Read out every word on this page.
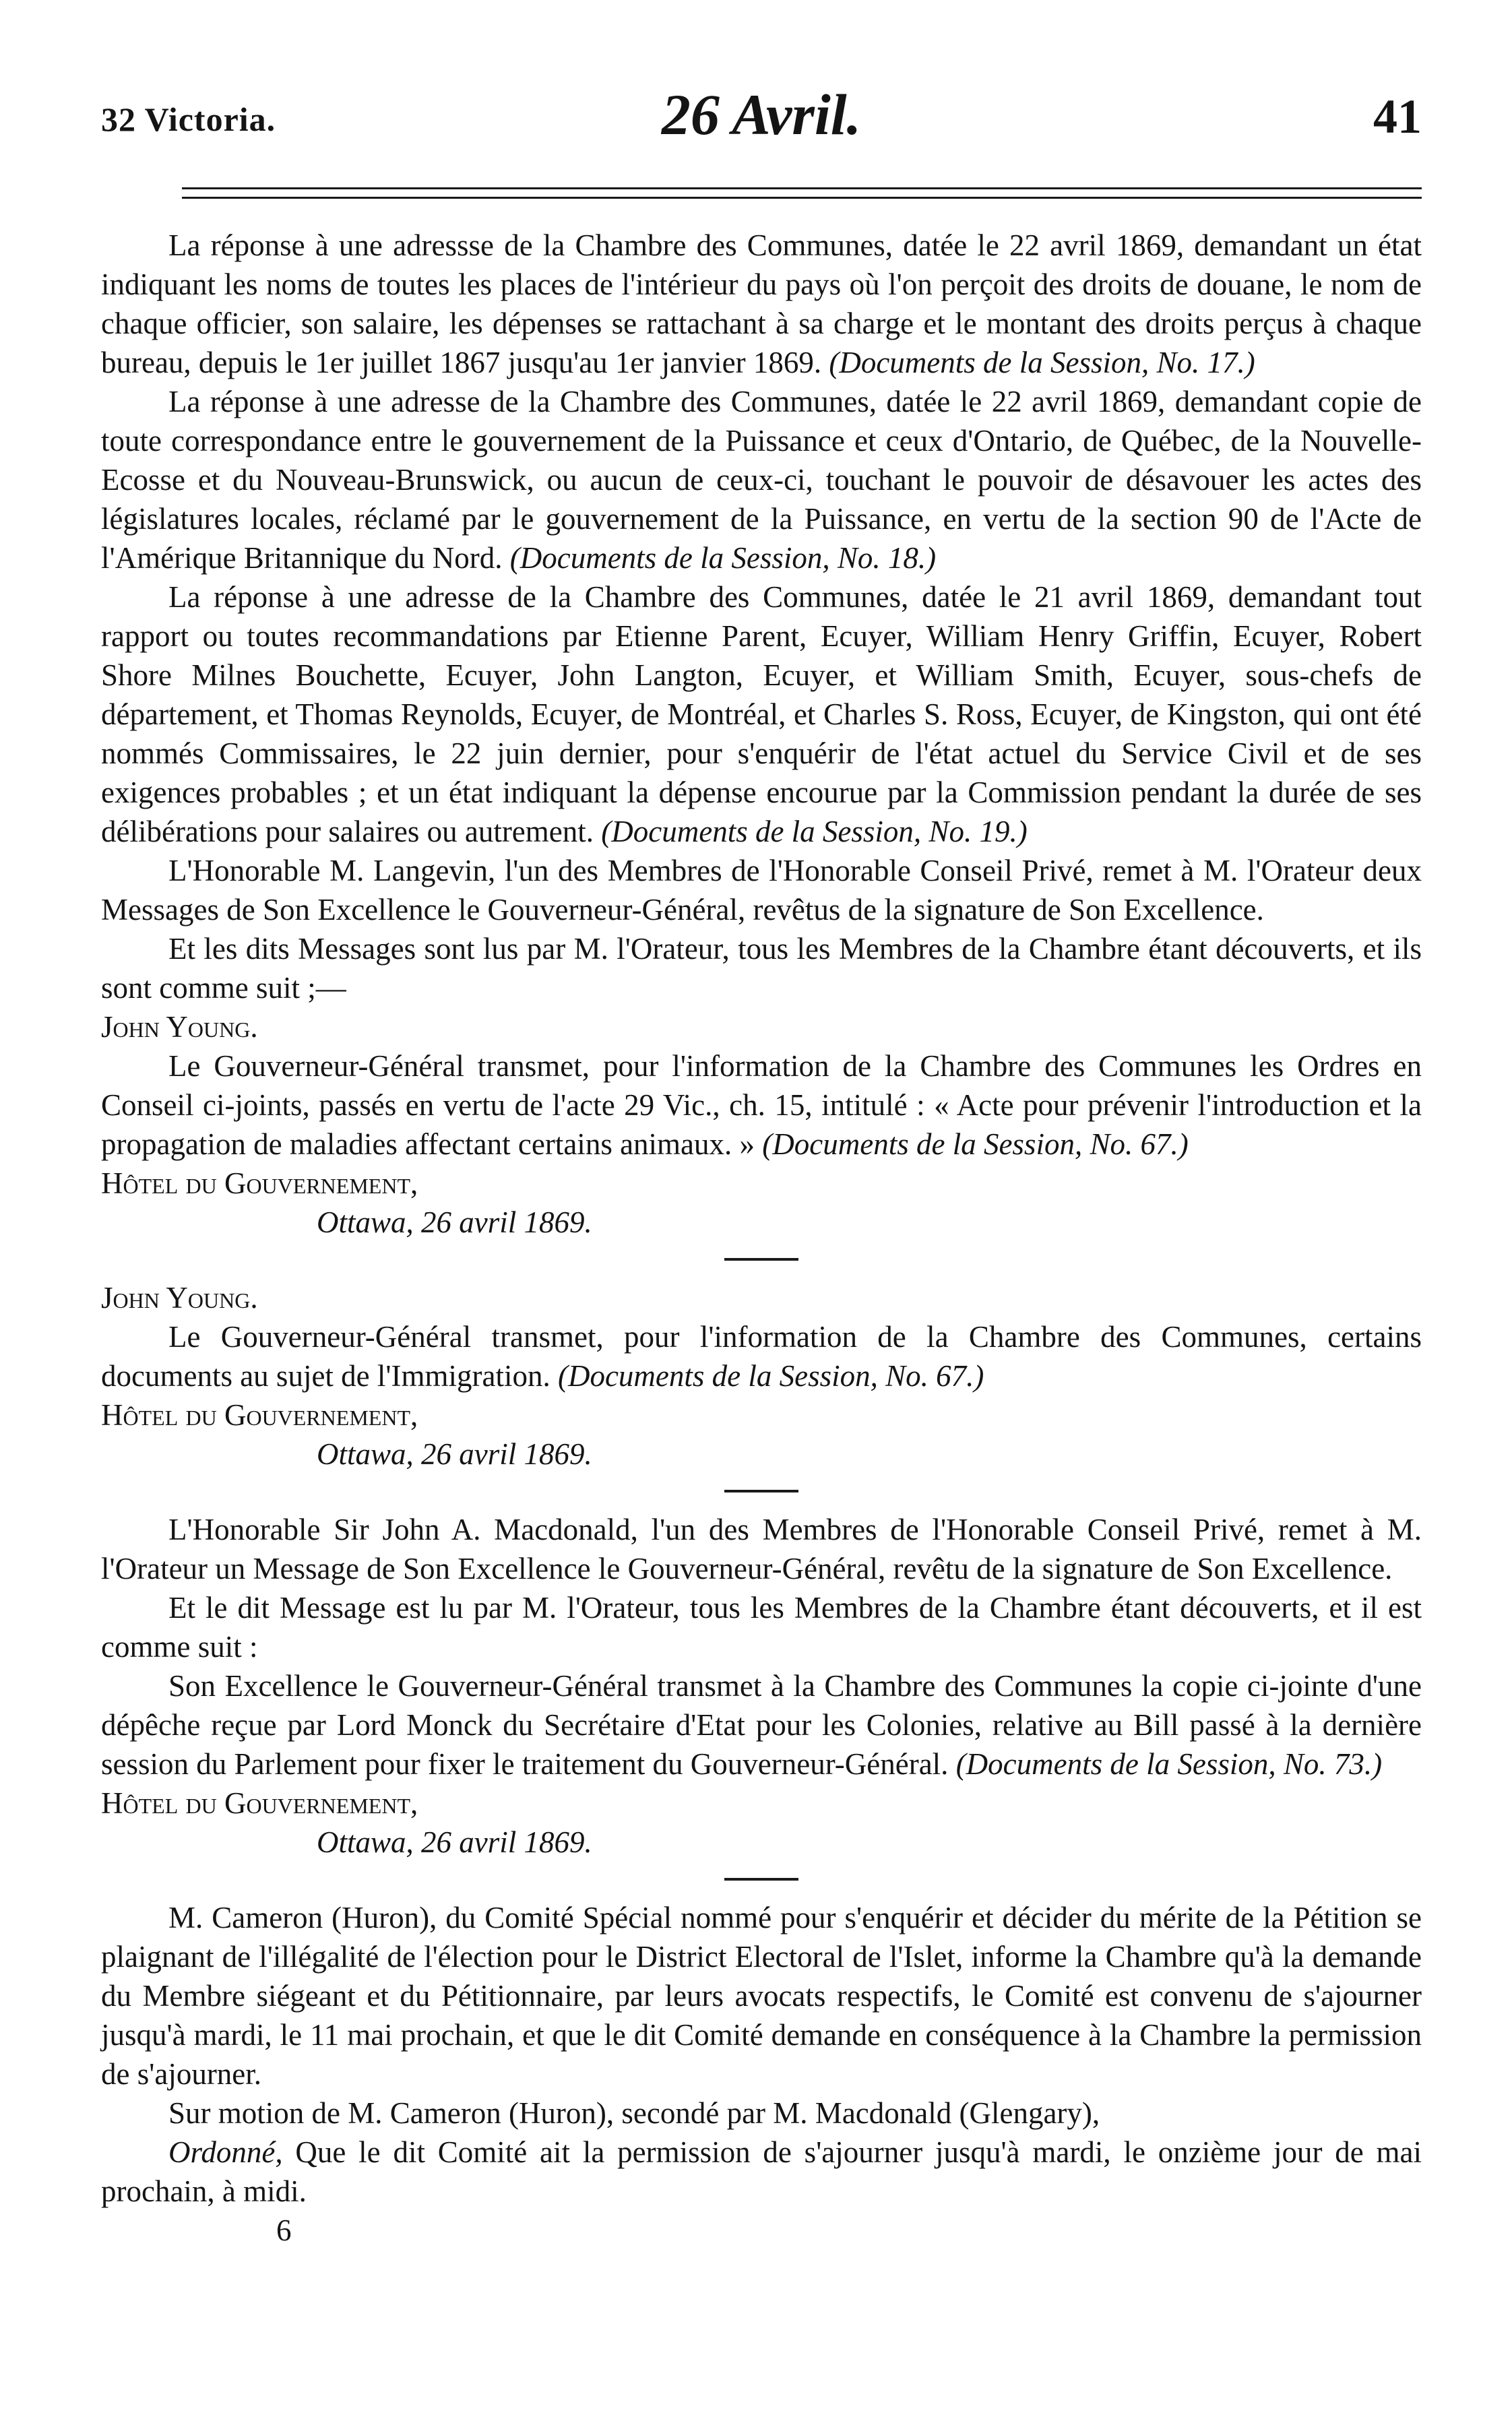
32 Victoria.	26 Avril.	41

La réponse à une adressse de la Chambre des Communes, datée le 22 avril 1869, demandant un état indiquant les noms de toutes les places de l'intérieur du pays où l'on perçoit des droits de douane, le nom de chaque officier, son salaire, les dépenses se rattachant à sa charge et le montant des droits perçus à chaque bureau, depuis le 1er juillet 1867 jusqu'au 1er janvier 1869. (Documents de la Session, No. 17.)

La réponse à une adresse de la Chambre des Communes, datée le 22 avril 1869, demandant copie de toute correspondance entre le gouvernement de la Puissance et ceux d'Ontario, de Québec, de la Nouvelle-Ecosse et du Nouveau-Brunswick, ou aucun de ceux-ci, touchant le pouvoir de désavouer les actes des législatures locales, réclamé par le gouvernement de la Puissance, en vertu de la section 90 de l'Acte de l'Amérique Britannique du Nord. (Documents de la Session, No. 18.)

La réponse à une adresse de la Chambre des Communes, datée le 21 avril 1869, demandant tout rapport ou toutes recommandations par Etienne Parent, Ecuyer, William Henry Griffin, Ecuyer, Robert Shore Milnes Bouchette, Ecuyer, John Langton, Ecuyer, et William Smith, Ecuyer, sous-chefs de département, et Thomas Reynolds, Ecuyer, de Montréal, et Charles S. Ross, Ecuyer, de Kingston, qui ont été nommés Commissaires, le 22 juin dernier, pour s'enquérir de l'état actuel du Service Civil et de ses exigences probables ; et un état indiquant la dépense encourue par la Commission pendant la durée de ses délibérations pour salaires ou autrement. (Documents de la Session, No. 19.)

L'Honorable M. Langevin, l'un des Membres de l'Honorable Conseil Privé, remet à M. l'Orateur deux Messages de Son Excellence le Gouverneur-Général, revêtus de la signature de Son Excellence.

Et les dits Messages sont lus par M. l'Orateur, tous les Membres de la Chambre étant découverts, et ils sont comme suit ;—

John Young.

Le Gouverneur-Général transmet, pour l'information de la Chambre des Communes les Ordres en Conseil ci-joints, passés en vertu de l'acte 29 Vic., ch. 15, intitulé : « Acte pour prévenir l'introduction et la propagation de maladies affectant certains animaux. » (Documents de la Session, No. 67.)

Hôtel du Gouvernement,

Ottawa, 26 avril 1869.

John Young.

Le Gouverneur-Général transmet, pour l'information de la Chambre des Communes, certains documents au sujet de l'Immigration. (Documents de la Session, No. 67.)

Hôtel du Gouvernement,

Ottawa, 26 avril 1869.

L'Honorable Sir John A. Macdonald, l'un des Membres de l'Honorable Conseil Privé, remet à M. l'Orateur un Message de Son Excellence le Gouverneur-Général, revêtu de la signature de Son Excellence.

Et le dit Message est lu par M. l'Orateur, tous les Membres de la Chambre étant découverts, et il est comme suit :

Son Excellence le Gouverneur-Général transmet à la Chambre des Communes la copie ci-jointe d'une dépêche reçue par Lord Monck du Secrétaire d'Etat pour les Colonies, relative au Bill passé à la dernière session du Parlement pour fixer le traitement du Gouverneur-Général. (Documents de la Session, No. 73.)

Hôtel du Gouvernement,

Ottawa, 26 avril 1869.

M. Cameron (Huron), du Comité Spécial nommé pour s'enquérir et décider du mérite de la Pétition se plaignant de l'illégalité de l'élection pour le District Electoral de l'Islet, informe la Chambre qu'à la demande du Membre siégeant et du Pétitionnaire, par leurs avocats respectifs, le Comité est convenu de s'ajourner jusqu'à mardi, le 11 mai prochain, et que le dit Comité demande en conséquence à la Chambre la permission de s'ajourner.

Sur motion de M. Cameron (Huron), secondé par M. Macdonald (Glengary),

Ordonné, Que le dit Comité ait la permission de s'ajourner jusqu'à mardi, le onzième jour de mai prochain, à midi.

6
